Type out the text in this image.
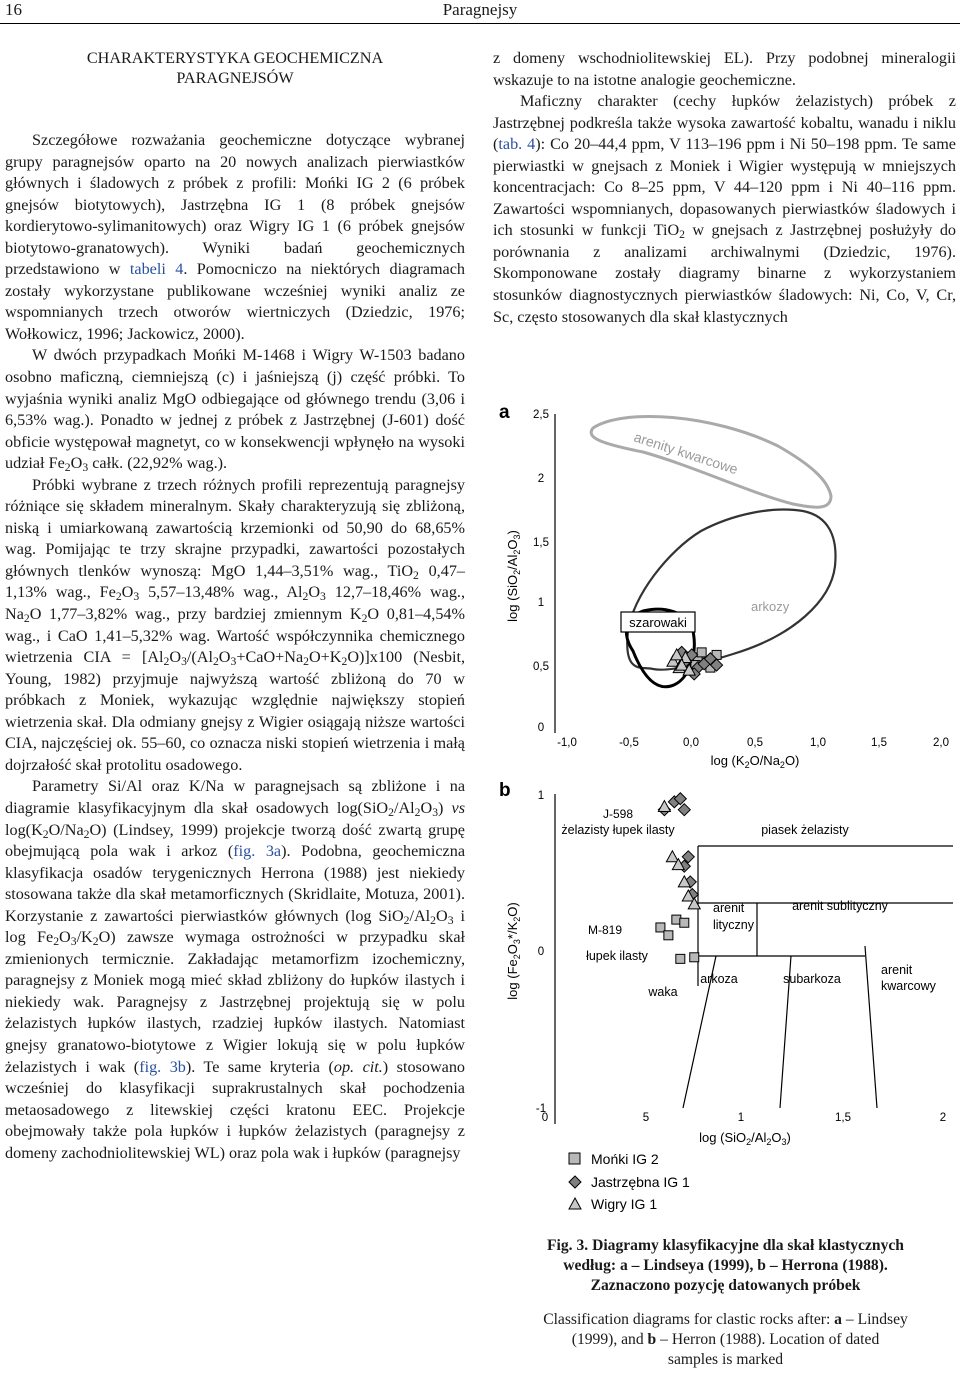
16	Paragnejsy
CHARAKTERYSTYKA GEOCHEMICZNA
PARAGNEJSÓW

Szczegółowe rozważania geochemiczne dotyczące wybranej grupy paragnejsów oparto na 20 nowych analizach pierwiastków głównych i śladowych z próbek z profili: Mońki IG 2 (6 próbek gnejsów biotytowych), Jastrzębna IG 1 (8 próbek gnejsów kordierytowo-sylimanitowych) oraz Wigry IG 1 (6 próbek gnejsów biotytowo-granatowych). Wyniki badań geochemicznych przedstawiono w tabeli 4. Pomocniczo na niektórych diagramach zostały wykorzystane publikowane wcześniej wyniki analiz ze wspomnianych trzech otworów wiertniczych (Dziedzic, 1976; Wołkowicz, 1996; Jackowicz, 2000).

W dwóch przypadkach Mońki M-1468 i Wigry W-1503 badano osobno maficzną, ciemniejszą (c) i jaśniejszą (j) część próbki. To wyjaśnia wyniki analiz MgO odbiegające od głównego trendu (3,06 i 6,53% wag.). Ponadto w jednej z próbek z Jastrzębnej (J-601) dość obficie występował magnetyt, co w konsekwencji wpłynęło na wysoki udział $Fe_2O_3$ całk. (22,92% wag.).

Próbki wybrane z trzech różnych profili reprezentują paragnejsy różniące się składem mineralnym. Skały charakteryzują się zbliżoną, niską i umiarkowaną zawartością krzemionki od 50,90 do 68,65% wag. Pomijając te trzy skrajne przypadki, zawartości pozostałych głównych tlenków wynoszą: MgO 1,44–3,51% wag., TiO$_2$ 0,47–1,13% wag., $Fe_2O_3$ 5,57–13,48% wag., $Al_2O_3$ 12,7–18,46% wag., $Na_2O$ 1,77–3,82% wag., przy bardziej zmiennym $K_2O$ 0,81–4,54% wag., i CaO 1,41–5,32% wag. Wartość współczynnika chemicznego wietrzenia CIA = $[Al_2O_3/(Al_2O_3+CaO+Na_2O+K_2O)]x100$ (Nesbit, Young, 1982) przyjmuje najwyższą wartość zbliżoną do 70 w próbkach z Moniek, wykazując względnie największy stopień wietrzenia skał. Dla odmiany gnejsy z Wigier osiągają niższe wartości CIA, najczęściej ok. 55–60, co oznacza niski stopień wietrzenia i małą dojrzałość skał protolitu osadowego.

Parametry Si/Al oraz K/Na w paragnejsach są zbliżone i na diagramie klasyfikacyjnym dla skał osadowych $\log(SiO_2/Al_2O_3)$ vs $\log(K_2O/Na_2O)$ (Lindsey, 1999) projekcje tworzą dość zwartą grupę obejmującą pola wak i arkoz (fig. 3a). Podobna, geochemiczna klasyfikacja osadów terygenicznych Herrona (1988) jest niekiedy stosowana także dla skał metamorficznych (Skridlaite, Motuza, 2001). Korzystanie z zawartości pierwiastków głównych (log $SiO_2/Al_2O_3$ i $\log Fe_2O_3/K_2O$) zawsze wymaga ostrożności w przypadku skał zmienionych termicznie. Zakładając metamorfizm izochemiczny, paragnejsy z Moniek mogą mieć skład zbliżony do łupków ilastych i niekiedy wak. Paragnejsy z Jastrzębnej projektują się w polu żelazistych łupków ilastych, rzadziej łupków ilastych. Natomiast gnejsy granatowo-biotytowe z Wigier lokują się w polu łupków żelazistych i wak (fig. 3b). Te same kryteria (op. cit.) stosowano wcześniej do klasyfikacji suprakrustalnych skał pochodzenia metaosadowego z litewskiej części kratonu EEC. Projekcje obejmowały także pola łupków i łupków żelazistych (paragnejsy z domeny zachodniolitewskiej WL) oraz pola wak i łupków (paragnejsy

z domeny wschodniolitewskiej EL). Przy podobnej mineralogii wskazuje to na istotne analogie geochemiczne.

Maficzny charakter (cechy łupków żelazistych) próbek z Jastrzębnej podkreśla także wysoka zawartość kobaltu, wanadu i niklu (tab. 4): Co 20–44,4 ppm, V 113–196 ppm i Ni 50–198 ppm. Te same pierwiastki w gnejsach z Moniek i Wigier występują w mniejszych koncentracjach: Co 8–25 ppm, V 44–120 ppm i Ni 40–116 ppm. Zawartości wspomnianych, dopasowanych pierwiastków śladowych i ich stosunki w funkcji TiO$_2$ w gnejsach z Jastrzębnej posłużyły do porównania z analizami archiwalnymi (Dziedzic, 1976). Skomponowane zostały diagramy binarne z wykorzystaniem stosunków diagnostycznych pierwiastków śladowych: Ni, Co, V, Cr, Sc, często stosowanych dla skał klastycznych

a 2,5
2
1,5
1
0,5
0
-1,0	-0,5	0,0	0,5	1,0	1,5	2,0
$\log (SiO_2/Al_2O_3)$
$\log (K_2O/Na_2O)$
arenity kwarcowe
arkozy
szarowaki
b 1
0
-1
0	5	1	1,5	2
$\log (Fe_2O_3*/K_2O)$
$\log (SiO_2/Al_2O_3)$
J-598
żelazisty łupek ilasty	piasek żelazisty
M-819
łupek ilasty
arenit
lityczny
arenit sublityczny
waka
arkoza	subarkoza
arenit
kwarcowy
Mońki IG 2
Jastrzębna IG 1
Wigry IG 1
Fig. 3. Diagramy klasyfikacyjne dla skał klastycznych
według: a – Lindseya (1999), b – Herrona (1988).
Zaznaczono pozycję datowanych próbek
Classification diagrams for clastic rocks after: a – Lindsey
(1999), and b – Herron (1988). Location of dated
samples is marked
